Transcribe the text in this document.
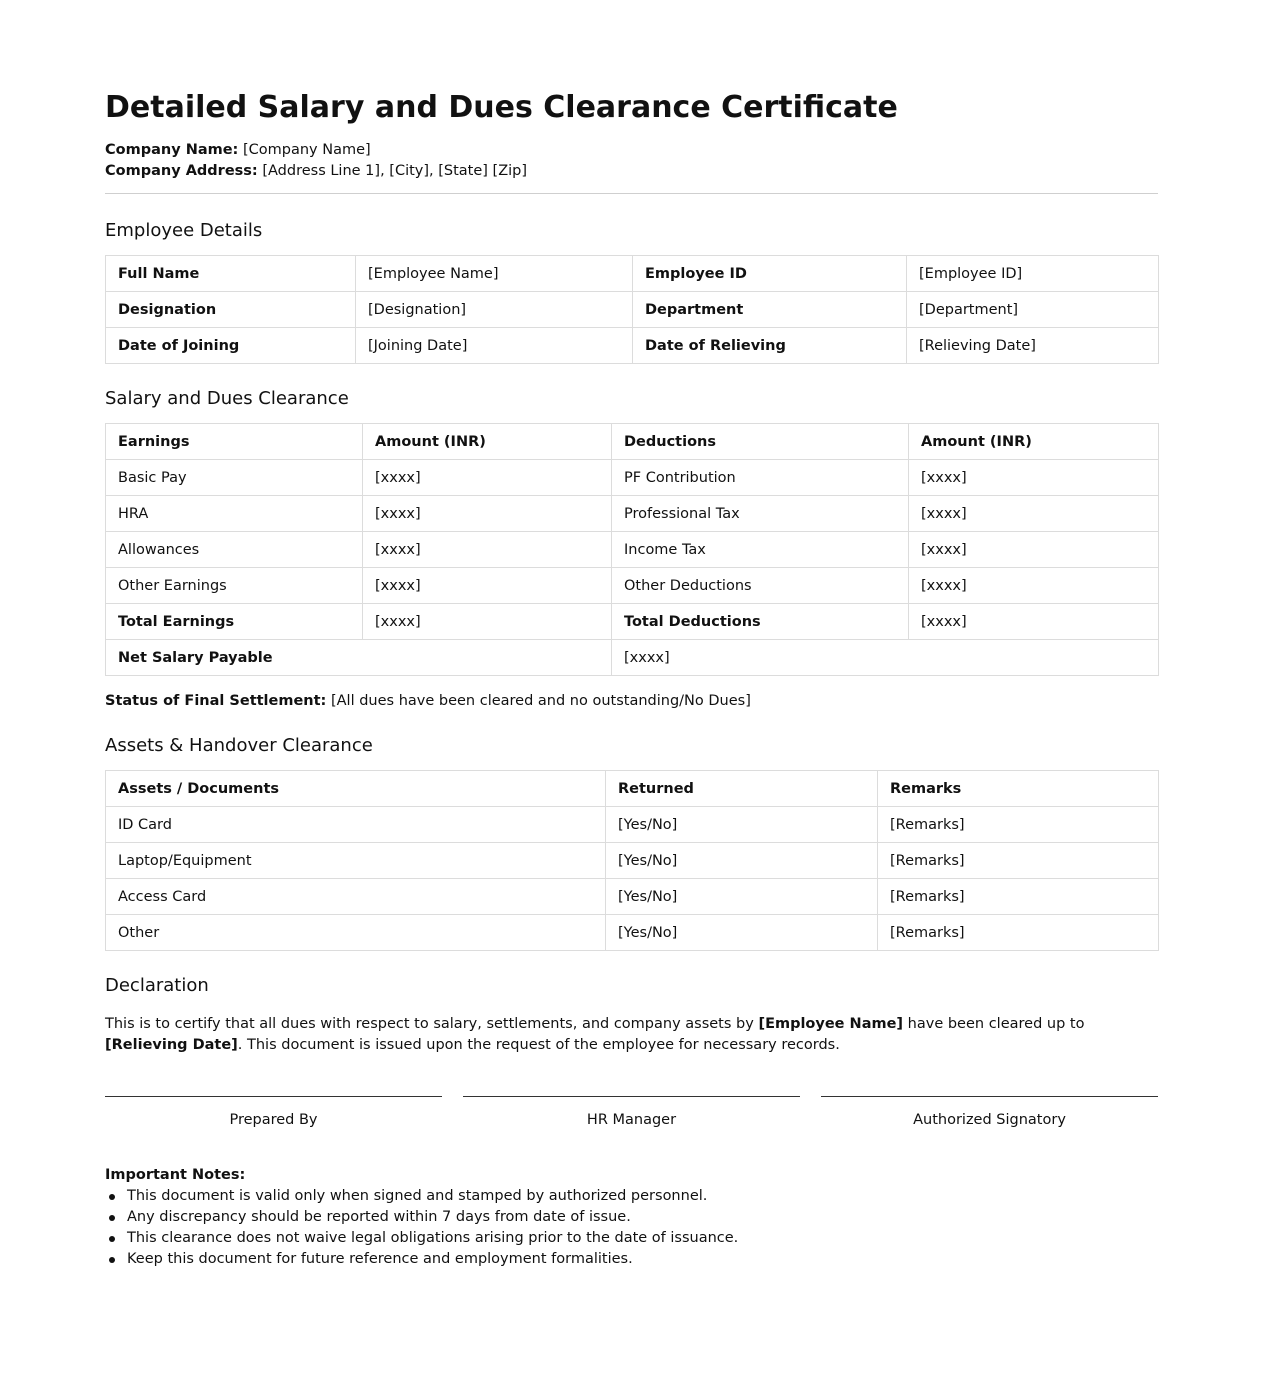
Detailed Salary and Dues Clearance Certificate
Company Name: [Company Name]
Company Address: [Address Line 1], [City], [State] [Zip]
Employee Details
Full Name	[Employee Name]	Employee ID	[Employee ID]
Designation	[Designation]	Department	[Department]
Date of Joining	[Joining Date]	Date of Relieving	[Relieving Date]
Salary and Dues Clearance
Earnings	Amount (INR)	Deductions	Amount (INR)
Basic Pay	[xxxx]	PF Contribution	[xxxx]
HRA	[xxxx]	Professional Tax	[xxxx]
Allowances	[xxxx]	Income Tax	[xxxx]
Other Earnings	[xxxx]	Other Deductions	[xxxx]
Total Earnings	[xxxx]	Total Deductions	[xxxx]
Net Salary Payable		[xxxx]	
Status of Final Settlement: [All dues have been cleared and no outstanding/No Dues]
Assets & Handover Clearance
Assets / Documents	Returned	Remarks
ID Card	[Yes/No]	[Remarks]
Laptop/Equipment	[Yes/No]	[Remarks]
Access Card	[Yes/No]	[Remarks]
Other	[Yes/No]	[Remarks]
Declaration
This is to certify that all dues with respect to salary, settlements, and company assets by [Employee Name] have been cleared up to [Relieving Date]. This document is issued upon the request of the employee for necessary records.
Prepared By	HR Manager	Authorized Signatory
Important Notes:
This document is valid only when signed and stamped by authorized personnel.
Any discrepancy should be reported within 7 days from date of issue.
This clearance does not waive legal obligations arising prior to the date of issuance.
Keep this document for future reference and employment formalities.
